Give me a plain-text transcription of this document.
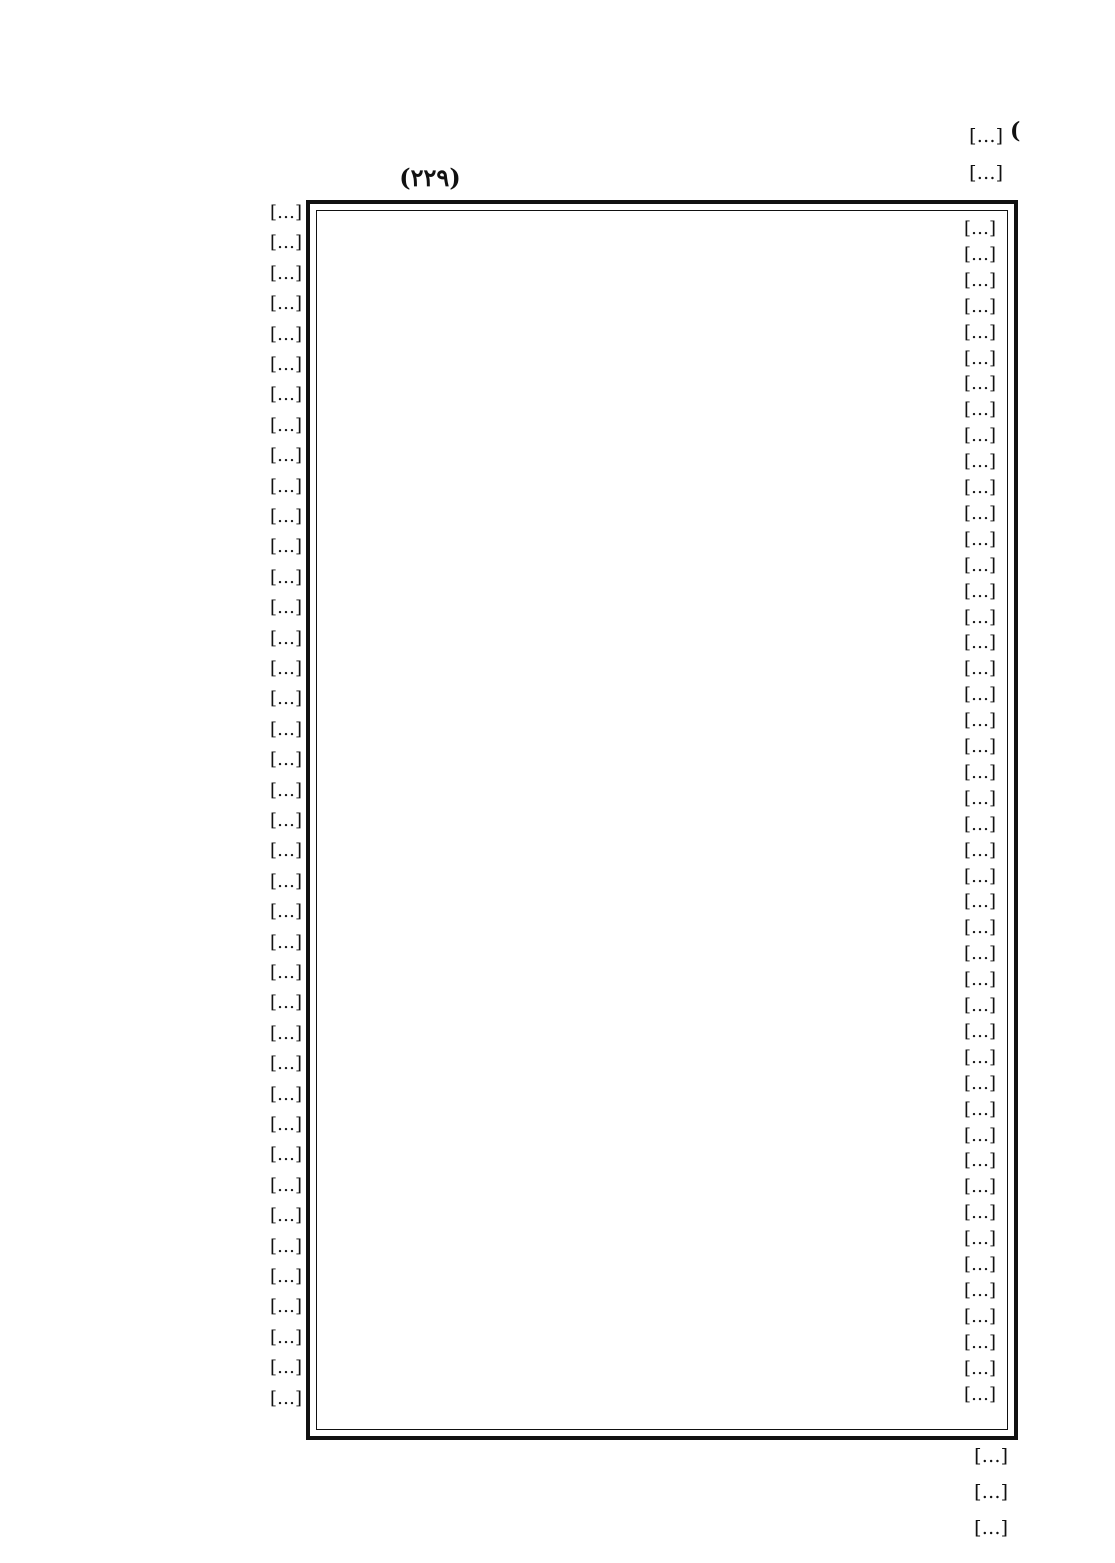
(
[…]
[…]
(۲۲۹)
[…]
[…]
[…]
[…]
[…]
[…]
[…]
[…]
[…]
[…]
[…]
[…]
[…]
[…]
[…]
[…]
[…]
[…]
[…]
[…]
[…]
[…]
[…]
[…]
[…]
[…]
[…]
[…]
[…]
[…]
[…]
[…]
[…]
[…]
[…]
[…]
[…]
[…]
[…]
[…]
[…]
[…]
[…]
[…]
[…]
[…]
[…]
[…]
[…]
[…]
[…]
[…]
[…]
[…]
[…]
[…]
[…]
[…]
[…]
[…]
[…]
[…]
[…]
[…]
[…]
[…]
[…]
[…]
[…]
[…]
[…]
[…]
[…]
[…]
[…]
[…]
[…]
[…]
[…]
[…]
[…]
[…]
[…]
[…]
[…]
[…]
[…]
[…]
[…]
